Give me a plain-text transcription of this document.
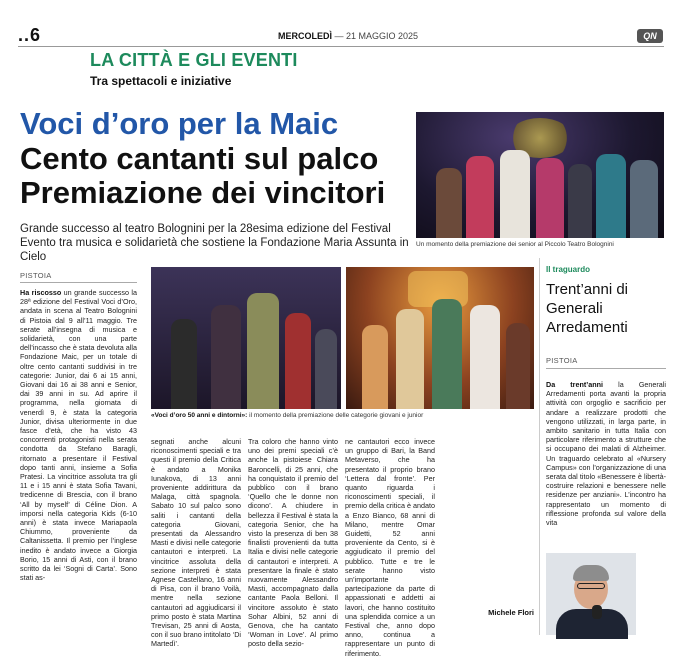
..6	MERCOLEDÌ — 21 MAGGIO 2025	QN
LA CITTÀ E GLI EVENTI
Tra spettacoli e iniziative
Voci d’oro per la Maic
Cento cantanti sul palco Premiazione dei vincitori
Grande successo al teatro Bolognini per la 28esima edizione del Festival Evento tra musica e solidarietà che sostiene la Fondazione Maria Assunta in Cielo
Un momento della premiazione dei senior al Piccolo Teatro Bolognini
«Voci d’oro 50 anni e dintorni»: il momento della premiazione delle categorie giovani e junior
PISTOIA
Ha riscosso un grande successo la 28ª edizione del Festival Voci d’Oro, andata in scena al Teatro Bolognini di Pistoia dal 9 all’11 maggio. Tre serate all’insegna di musica e solidarietà, con una parte dell’incasso che è stata devoluta alla Fondazione Maic, per un totale di oltre cento cantanti suddivisi in tre categorie: Junior, dai 6 ai 15 anni, Giovani dai 16 ai 38 anni e Senior, dai 39 anni in su. Ad aprire il programma, nella giornata di venerdì 9, è stata la categoria Junior, divisa ulteriormente in due fasce d’età, che ha visto 43 concorrenti protagonisti nella serata condotta da Stefano Baragli, ritornato a presentare il Festival dopo tanti anni, insieme a Sofia Pratesi. La vincitrice assoluta tra gli 11 e i 15 anni è stata Sofia Tavani, tredicenne di Brescia, con il brano ‘All by myself’ di Céline Dion. A imporsi nella categoria Kids (6-10 anni) è stata invece Mariapaola Chiummo, proveniente da Caltanissetta. Il premio per l’inglese inedito è andato invece a Giorgia Borio, 15 anni di Asti, con il brano scritto da lei ‘Sogni di Carta’. Sono stati as-
segnati anche alcuni riconoscimenti speciali e tra questi il premio della Critica è andato a Monika Iunakova, di 13 anni proveniente addirittura da Malaga, città spagnola. Sabato 10 sul palco sono saliti i cantanti della categoria Giovani, presentati da Alessandro Masti e divisi nelle categorie cantautori e interpreti. La vincitrice assoluta della sezione interpreti è stata Agnese Castellano, 16 anni di Pisa, con il brano Voilà, mentre nella sezione cantautori ad aggiudicarsi il primo posto è stata Martina Trevisan, 25 anni di Aosta, con il suo brano intitolato ‘Di Martedì’.
Tra coloro che hanno vinto uno dei premi speciali c’è anche la pistoiese Chiara Baroncelli, di 25 anni, che ha conquistato il premio del pubblico con il brano ‘Quello che le donne non dicono’. A chiudere in bellezza il Festival è stata la categoria Senior, che ha visto la presenza di ben 38 finalisti provenienti da tutta Italia e divisi nelle categorie di cantautori e interpreti. A presentare la finale è stato nuovamente Alessandro Masti, accompagnato dalla cantante Paola Belloni. Il vincitore assoluto è stato Sohar Albini, 52 anni di Genova, che ha cantato ‘Woman in Love’. Al primo posto della sezio-
ne cantautori ecco invece un gruppo di Bari, la Band Metaverso, che ha presentato il proprio brano ‘Lettera dal fronte’. Per quanto riguarda i riconoscimenti speciali, il premio della critica è andato a Enzo Bianco, 68 anni di Milano, mentre Omar Guidetti, 52 anni proveniente da Cento, si è aggiudicato il premio del pubblico. Tutte e tre le serate hanno visto un’importante partecipazione da parte di appassionati e addetti ai lavori, che hanno costituito una splendida cornice a un Festival che, anno dopo anno, continua a rappresentare un punto di riferimento.
Michele Flori
Il traguardo
Trent’anni di Generali Arredamenti
PISTOIA
Da trent’anni la Generali Arredamenti porta avanti la propria attività con orgoglio e sacrificio per andare a realizzare prodotti che vengono utilizzati, in larga parte, in ambito sanitario in tutta Italia con particolare riferimento a strutture che si occupano dei malati di Alzheimer. Un traguardo celebrato al «Nursery Campus» con l’organizzazione di una serata dal titolo «Benessere è libertà-costruire relazioni e benessere nelle residenze per anziani». L’incontro ha rappresentato un momento di riflessione profonda sul valore della vita
